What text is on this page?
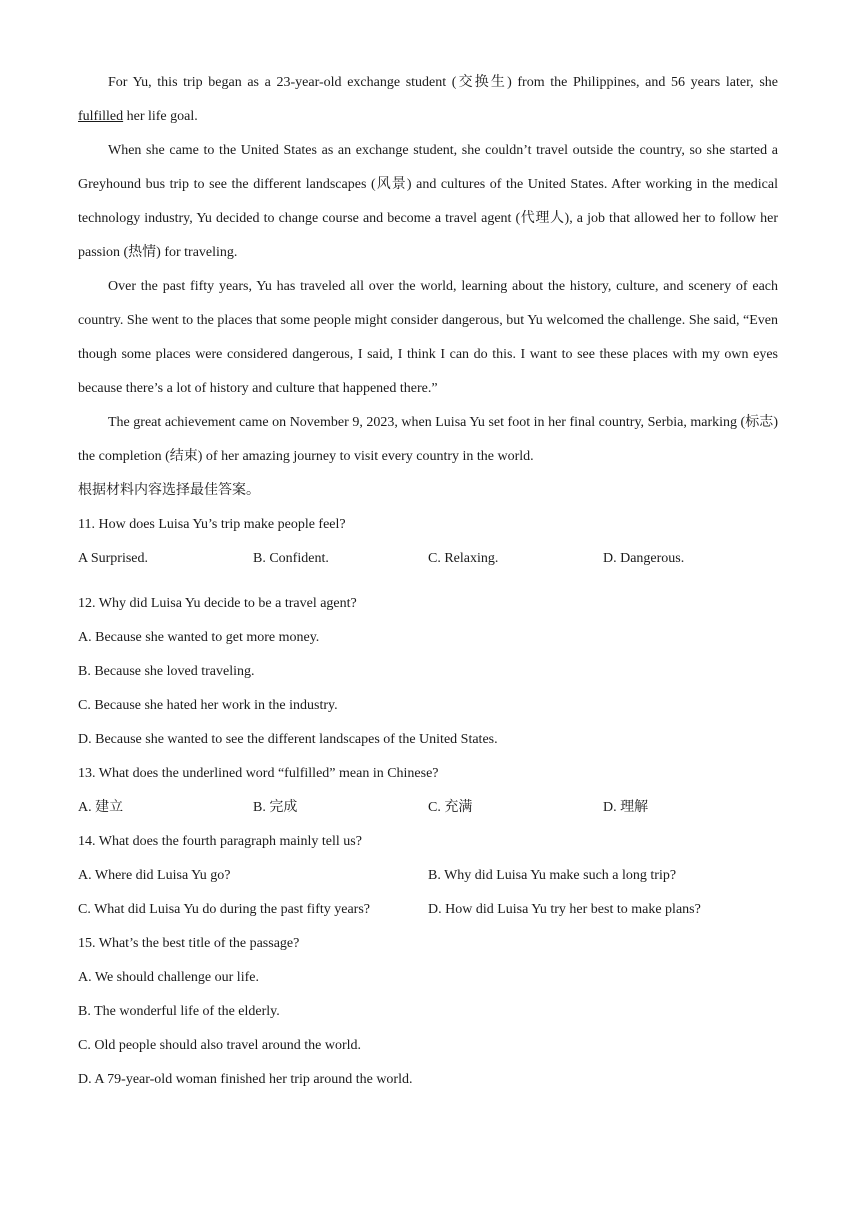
For Yu, this trip began as a 23-year-old exchange student (交换生) from the Philippines, and 56 years later, she fulfilled her life goal.

When she came to the United States as an exchange student, she couldn’t travel outside the country, so she started a Greyhound bus trip to see the different landscapes (风景) and cultures of the United States. After working in the medical technology industry, Yu decided to change course and become a travel agent (代理人), a job that allowed her to follow her passion (热情) for traveling.

Over the past fifty years, Yu has traveled all over the world, learning about the history, culture, and scenery of each country. She went to the places that some people might consider dangerous, but Yu welcomed the challenge. She said, “Even though some places were considered dangerous, I said, I think I can do this. I want to see these places with my own eyes because there’s a lot of history and culture that happened there.”

The great achievement came on November 9, 2023, when Luisa Yu set foot in her final country, Serbia, marking (标志) the completion (结束) of her amazing journey to visit every country in the world.

根据材料内容选择最佳答案。

11. How does Luisa Yu’s trip make people feel?

A Surprised.	B. Confident.	C. Relaxing.	D. Dangerous.

12. Why did Luisa Yu decide to be a travel agent?

A. Because she wanted to get more money.

B. Because she loved traveling.

C. Because she hated her work in the industry.

D. Because she wanted to see the different landscapes of the United States.

13. What does the underlined word “fulfilled” mean in Chinese?

A. 建立	B. 完成	C. 充满	D. 理解

14. What does the fourth paragraph mainly tell us?

A. Where did Luisa Yu go?	B. Why did Luisa Yu make such a long trip?
C. What did Luisa Yu do during the past fifty years?	D. How did Luisa Yu try her best to make plans?

15. What’s the best title of the passage?

A. We should challenge our life.

B. The wonderful life of the elderly.

C. Old people should also travel around the world.

D. A 79-year-old woman finished her trip around the world.
